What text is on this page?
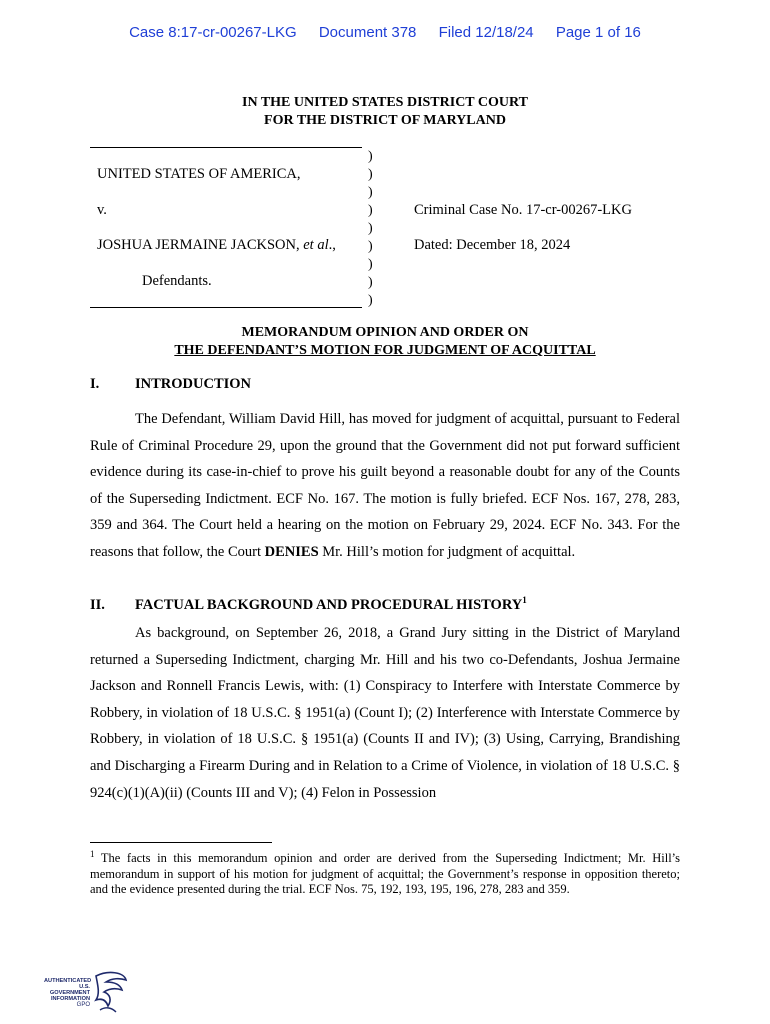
Case 8:17-cr-00267-LKG Document 378 Filed 12/18/24 Page 1 of 16
IN THE UNITED STATES DISTRICT COURT
FOR THE DISTRICT OF MARYLAND
UNITED STATES OF AMERICA,
v.
JOSHUA JERMAINE JACKSON, et al.,
Defendants.
Criminal Case No. 17-cr-00267-LKG
Dated: December 18, 2024
)
)
)
)
)
)
)
)
)
MEMORANDUM OPINION AND ORDER ON
THE DEFENDANT’S MOTION FOR JUDGMENT OF ACQUITTAL
I. INTRODUCTION

The Defendant, William David Hill, has moved for judgment of acquittal, pursuant to Federal Rule of Criminal Procedure 29, upon the ground that the Government did not put forward sufficient evidence during its case-in-chief to prove his guilt beyond a reasonable doubt for any of the Counts of the Superseding Indictment. ECF No. 167. The motion is fully briefed. ECF Nos. 167, 278, 283, 359 and 364. The Court held a hearing on the motion on February 29, 2024. ECF No. 343. For the reasons that follow, the Court DENIES Mr. Hill’s motion for judgment of acquittal.

II. FACTUAL BACKGROUND AND PROCEDURAL HISTORY$^1$

As background, on September 26, 2018, a Grand Jury sitting in the District of Maryland returned a Superseding Indictment, charging Mr. Hill and his two co-Defendants, Joshua Jermaine Jackson and Ronnell Francis Lewis, with: (1) Conspiracy to Interfere with Interstate Commerce by Robbery, in violation of 18 U.S.C. § 1951(a) (Count I); (2) Interference with Interstate Commerce by Robbery, in violation of 18 U.S.C. § 1951(a) (Counts II and IV); (3) Using, Carrying, Brandishing and Discharging a Firearm During and in Relation to a Crime of Violence, in violation of 18 U.S.C. § 924(c)(1)(A)(ii) (Counts III and V); (4) Felon in Possession

$^1$ The facts in this memorandum opinion and order are derived from the Superseding Indictment; Mr. Hill’s memorandum in support of his motion for judgment of acquittal; the Government’s response in opposition thereto; and the evidence presented during the trial. ECF Nos. 75, 192, 193, 195, 196, 278, 283 and 359.

AUTHENTICATED
U.S. GOVERNMENT
INFORMATION
GPO
